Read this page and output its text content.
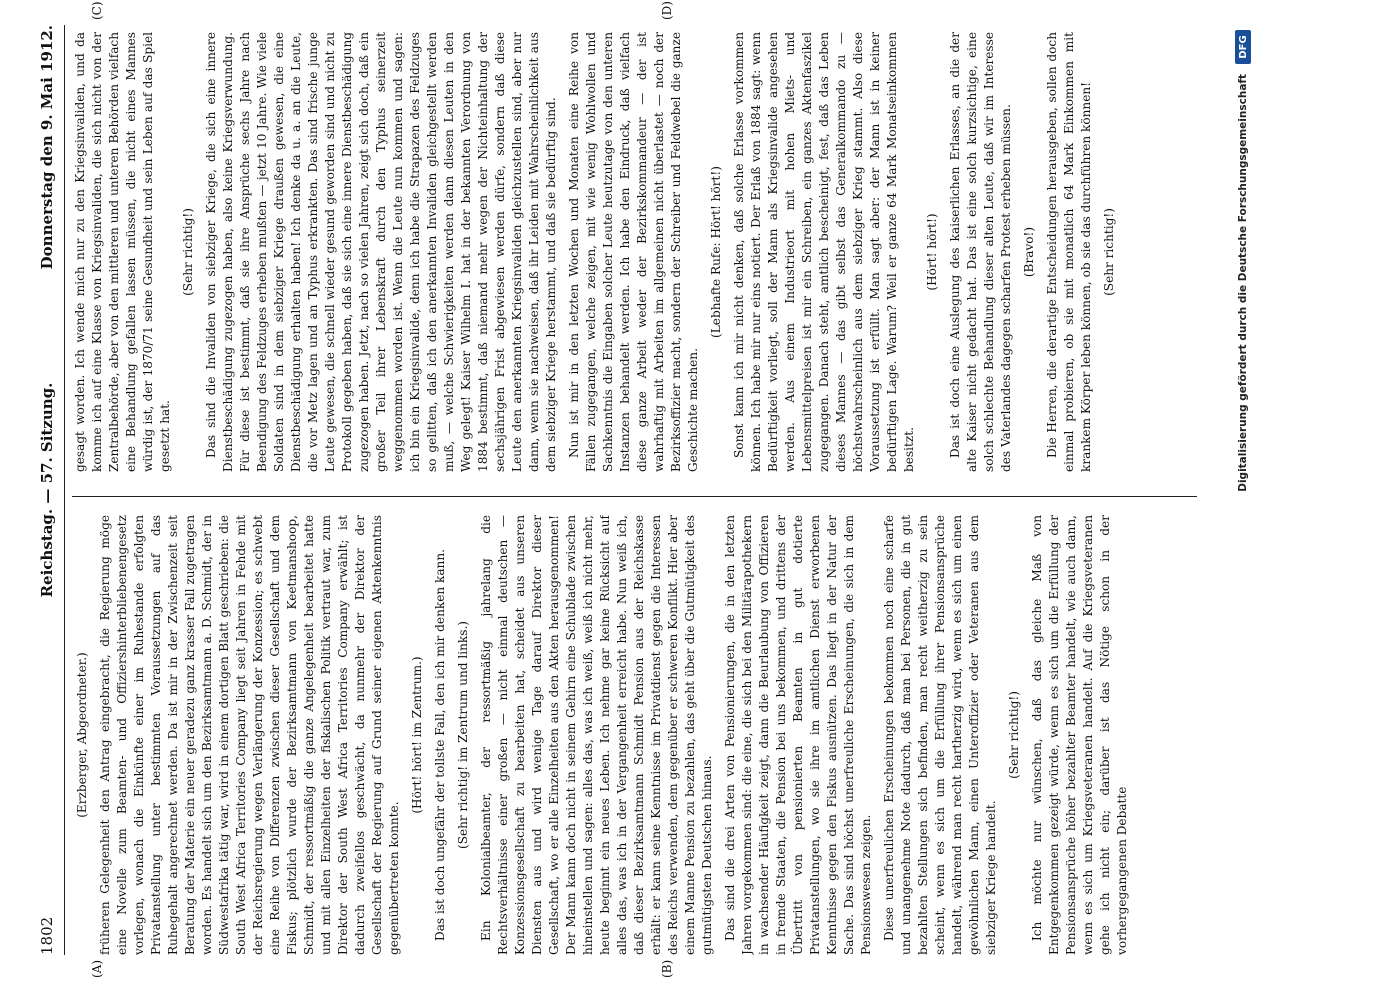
1802
Reichstag. — 57. Sitzung.
Donnerstag den 9. Mai 1912.
(A)	(B)
(C)	(D)

(Erzberger, Abgeordneter.) früheren Gelegenheit den Antrag eingebracht, die Regierung möge eine Novelle zum Beamten- und Offiziershinterbliebenengesetz vorlegen, wonach die Einkünfte einer im Ruhestande erfolgten Privatanstellung unter bestimmten Voraussetzungen auf das Ruhegehalt angerechnet werden. Da ist mir in der Zwischenzeit seit Beratung der Materie ein neuer geradezu ganz krasser Fall zugetragen worden. Es handelt sich um den Bezirksamtmann a. D. Schmidt, der in Südwestafrika tätig war, wird in einem dortigen Blatt geschrieben: die South West Africa Territories Company liegt seit Jahren in Fehde mit der Reichsregierung wegen Verlängerung der Konzession; es schwebt eine Reihe von Differenzen zwischen dieser Gesellschaft und dem Fiskus; plötzlich wurde der Bezirksamtmann von Keetmanshoop, Schmidt, der ressortmäßig die ganze Angelegenheit bearbeitet hatte und mit allen Einzelheiten der fiskalischen Politik vertraut war, zum Direktor der South West Africa Territories Company erwählt; ist dadurch zweifellos geschwächt, da nunmehr der Direktor der Gesellschaft der Regierung auf Grund seiner eigenen Aktenkenntnis gegenübertreten konnte.

(Hört! hört! im Zentrum.) Das ist doch ungefähr der tollste Fall, den ich mir denken kann. (Sehr richtig! im Zentrum und links.) Ein Kolonialbeamter, der ressortmäßig jahrelang die Rechtsverhältnisse einer großen — nicht einmal deutschen — Konzessionsgesellschaft zu bearbeiten hat, scheidet aus unseren Diensten aus und wird wenige Tage darauf Direktor dieser Gesellschaft, wo er alle Einzelheiten aus den Akten herausgenommen! Der Mann kann doch nicht in seinem Gehirn eine Schublade zwischen hineinstellen und sagen: alles das, was ich weiß, weiß ich nicht mehr, heute beginnt ein neues Leben. Ich nehme gar keine Rücksicht auf alles das, was ich in der Vergangenheit erreicht habe. Nun weiß ich, daß dieser Bezirksamtmann Schmidt Pension aus der Reichskasse erhält: er kann seine Kenntnisse im Privatdienst gegen die Interessen des Reichs verwenden, dem gegenüber er schweren Konflikt. Hier aber einem Manne Pension zu bezahlen, das geht über die Gutmütigkeit des gutmütigsten Deutschen hinaus. Das sind die drei Arten von Pensionierungen, die in den letzten Jahren vorgekommen sind: die eine, die sich bei den Militärapothekern in wachsender Häufigkeit zeigt, dann die Beurlaubung von Offizieren in fremde Staaten, die Pension bei uns bekommen, und drittens der Übertritt von pensionierten Beamten in gut dotierte Privatanstellungen, wo sie ihre im amtlichen Dienst erworbenen Kenntnisse gegen den Fiskus ausnützen. Das liegt in der Natur der Sache. Das sind höchst unerfreuliche Erscheinungen, die sich in dem Pensionswesen zeigen. Diese unerfreulichen Erscheinungen bekommen noch eine scharfe und unangenehme Note dadurch, daß man bei Personen, die in gut bezahlten Stellungen sich befinden, man recht weitherzig zu sein scheint, wenn es sich um die Erfüllung ihrer Pensionsansprüche handelt, während man recht hartherzig wird, wenn es sich um einen gewöhnlichen Mann, einen Unteroffizier oder Veteranen aus dem siebziger Kriege handelt.

(Sehr richtig!) Ich möchte nur wünschen, daß das gleiche Maß von Entgegenkommen gezeigt würde, wenn es sich um die Erfüllung der Pensionsansprüche höher bezahlter Beamter handelt, wie auch dann, wenn es sich um Kriegsveteranen handelt. Auf die Kriegsveteranen gehe ich nicht ein; darüber ist das Nötige schon in der vorhergegangenen Debatte

gesagt worden. Ich wende mich nur zu den Kriegsinvaliden, und da komme ich auf eine Klasse von Kriegsinvaliden, die sich nicht von der Zentralbehörde, aber von den mittleren und unteren Behörden vielfach eine Behandlung gefallen lassen müssen, die nicht eines Mannes würdig ist, der 1870/71 seine Gesundheit und sein Leben auf das Spiel gesetzt hat.

(Sehr richtig!) Das sind die Invaliden von siebziger Kriege, die sich eine innere Dienstbeschädigung zugezogen haben, also keine Kriegsverwundung. Für diese ist bestimmt, daß sie ihre Ansprüche sechs Jahre nach Beendigung des Feldzuges erheben mußten — jetzt 10 Jahre. Wie viele Soldaten sind in dem siebziger Kriege draußen gewesen, die eine Dienstbeschädigung erhalten haben! Ich denke da u. a. an die Leute, die vor Metz lagen und an Typhus erkrankten. Das sind frische junge Leute gewesen, die schnell wieder gesund geworden sind und nicht zu Protokoll gegeben haben, daß sie sich eine innere Dienstbeschädigung zugezogen haben. Jetzt, nach so vielen Jahren, zeigt sich doch, daß ein großer Teil ihrer Lebenskraft durch den Typhus seinerzeit weggenommen worden ist. Wenn die Leute nun kommen und sagen: ich bin ein Kriegsinvalide, denn ich habe die Strapazen des Feldzuges so gelitten, daß ich den anerkannten Invaliden gleichgestellt werden muß, — welche Schwierigkeiten werden dann diesen Leuten in den Weg gelegt! Kaiser Wilhelm I. hat in der bekannten Verordnung von 1884 bestimmt, daß niemand mehr wegen der Nichteinhaltung der sechsjährigen Frist abgewiesen werden dürfe, sondern daß diese Leute den anerkannten Kriegsinvaliden gleichzustellen sind, aber nur dann, wenn sie nachweisen, daß ihr Leiden mit Wahrscheinlichkeit aus dem siebziger Kriege herstammt, und daß sie bedürftig sind. Nun ist mir in den letzten Wochen und Monaten eine Reihe von Fällen zugegangen, welche zeigen, mit wie wenig Wohlwollen und Sachkenntnis die Eingaben solcher Leute heutzutage von den unteren Instanzen behandelt werden. Ich habe den Eindruck, daß vielfach diese ganze Arbeit weder der Bezirkskommandeur — der ist wahrhaftig mit Arbeiten im allgemeinen nicht überlastet — noch der Bezirksoffizier macht, sondern der Schreiber und Feldwebel die ganze Geschichte machen.

(Lebhafte Rufe: Hört! hört!) Sonst kann ich mir nicht denken, daß solche Erlasse vorkommen können. Ich habe mir nur eins notiert. Der Erlaß von 1884 sagt: wenn Bedürftigkeit vorliegt, soll der Mann als Kriegsinvalide angesehen werden. Aus einem Industrieort mit hohen Miets- und Lebensmittelpreisen ist mir ein Schreiben, ein ganzes Aktenfaszikel zugegangen. Danach steht, amtlich bescheinigt, fest, daß das Leben dieses Mannes — das gibt selbst das Generalkommando zu — höchstwahrscheinlich aus dem siebziger Krieg stammt. Also diese Voraussetzung ist erfüllt. Man sagt aber: der Mann ist in keiner bedürftigen Lage. Warum? Weil er ganze 64 Mark Monatseinkommen besitzt.

(Hört! hört!) Das ist doch eine Auslegung des kaiserlichen Erlasses, an die der alte Kaiser nicht gedacht hat. Das ist eine solch kurzsichtige, eine solch schlechte Behandlung dieser alten Leute, daß wir im Interesse des Vaterlandes dagegen scharfen Protest erheben müssen. (Bravo!) Die Herren, die derartige Entscheidungen herausgeben, sollen doch einmal probieren, ob sie mit monatlich 64 Mark Einkommen mit krankem Körper leben können, ob sie das durchführen können! (Sehr richtig!)	Digitalisierung gefördert durch die Deutsche Forschungsgemeinschaft
DFG
